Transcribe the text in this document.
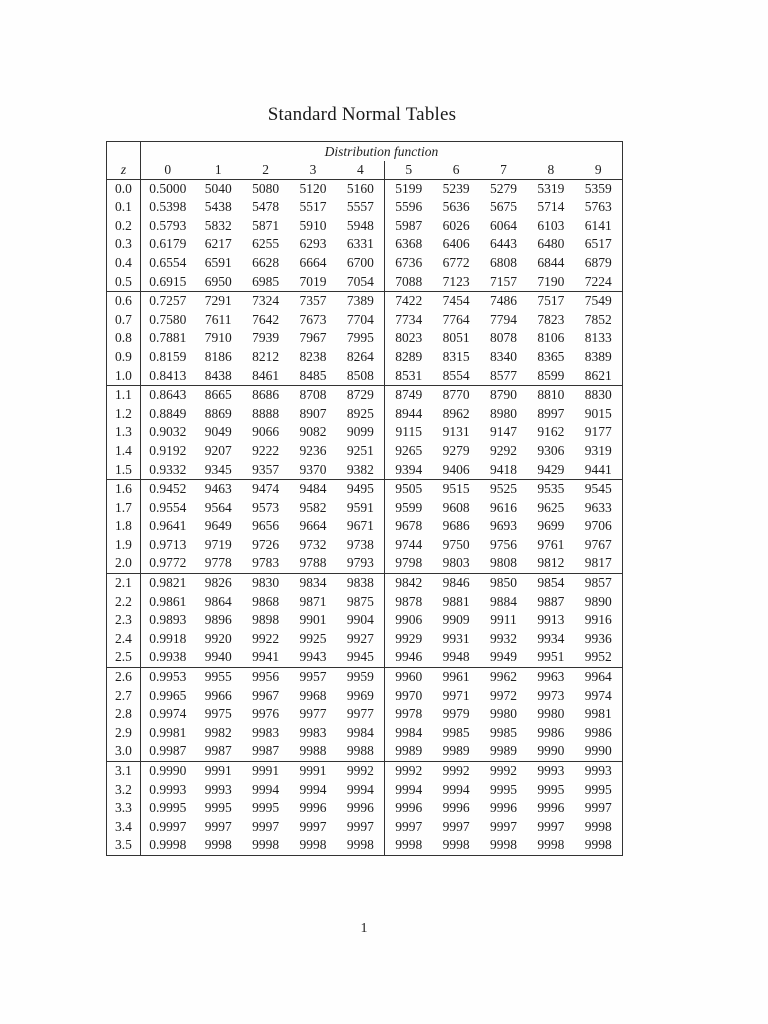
Standard Normal Tables
	Distribution function									
z	0	1	2	3	4	5	6	7	8	9
0.0	0.5000	5040	5080	5120	5160	5199	5239	5279	5319	5359
0.1	0.5398	5438	5478	5517	5557	5596	5636	5675	5714	5763
0.2	0.5793	5832	5871	5910	5948	5987	6026	6064	6103	6141
0.3	0.6179	6217	6255	6293	6331	6368	6406	6443	6480	6517
0.4	0.6554	6591	6628	6664	6700	6736	6772	6808	6844	6879
0.5	0.6915	6950	6985	7019	7054	7088	7123	7157	7190	7224
0.6	0.7257	7291	7324	7357	7389	7422	7454	7486	7517	7549
0.7	0.7580	7611	7642	7673	7704	7734	7764	7794	7823	7852
0.8	0.7881	7910	7939	7967	7995	8023	8051	8078	8106	8133
0.9	0.8159	8186	8212	8238	8264	8289	8315	8340	8365	8389
1.0	0.8413	8438	8461	8485	8508	8531	8554	8577	8599	8621
1.1	0.8643	8665	8686	8708	8729	8749	8770	8790	8810	8830
1.2	0.8849	8869	8888	8907	8925	8944	8962	8980	8997	9015
1.3	0.9032	9049	9066	9082	9099	9115	9131	9147	9162	9177
1.4	0.9192	9207	9222	9236	9251	9265	9279	9292	9306	9319
1.5	0.9332	9345	9357	9370	9382	9394	9406	9418	9429	9441
1.6	0.9452	9463	9474	9484	9495	9505	9515	9525	9535	9545
1.7	0.9554	9564	9573	9582	9591	9599	9608	9616	9625	9633
1.8	0.9641	9649	9656	9664	9671	9678	9686	9693	9699	9706
1.9	0.9713	9719	9726	9732	9738	9744	9750	9756	9761	9767
2.0	0.9772	9778	9783	9788	9793	9798	9803	9808	9812	9817
2.1	0.9821	9826	9830	9834	9838	9842	9846	9850	9854	9857
2.2	0.9861	9864	9868	9871	9875	9878	9881	9884	9887	9890
2.3	0.9893	9896	9898	9901	9904	9906	9909	9911	9913	9916
2.4	0.9918	9920	9922	9925	9927	9929	9931	9932	9934	9936
2.5	0.9938	9940	9941	9943	9945	9946	9948	9949	9951	9952
2.6	0.9953	9955	9956	9957	9959	9960	9961	9962	9963	9964
2.7	0.9965	9966	9967	9968	9969	9970	9971	9972	9973	9974
2.8	0.9974	9975	9976	9977	9977	9978	9979	9980	9980	9981
2.9	0.9981	9982	9983	9983	9984	9984	9985	9985	9986	9986
3.0	0.9987	9987	9987	9988	9988	9989	9989	9989	9990	9990
3.1	0.9990	9991	9991	9991	9992	9992	9992	9992	9993	9993
3.2	0.9993	9993	9994	9994	9994	9994	9994	9995	9995	9995
3.3	0.9995	9995	9995	9996	9996	9996	9996	9996	9996	9997
3.4	0.9997	9997	9997	9997	9997	9997	9997	9997	9997	9998
3.5	0.9998	9998	9998	9998	9998	9998	9998	9998	9998	9998
1
